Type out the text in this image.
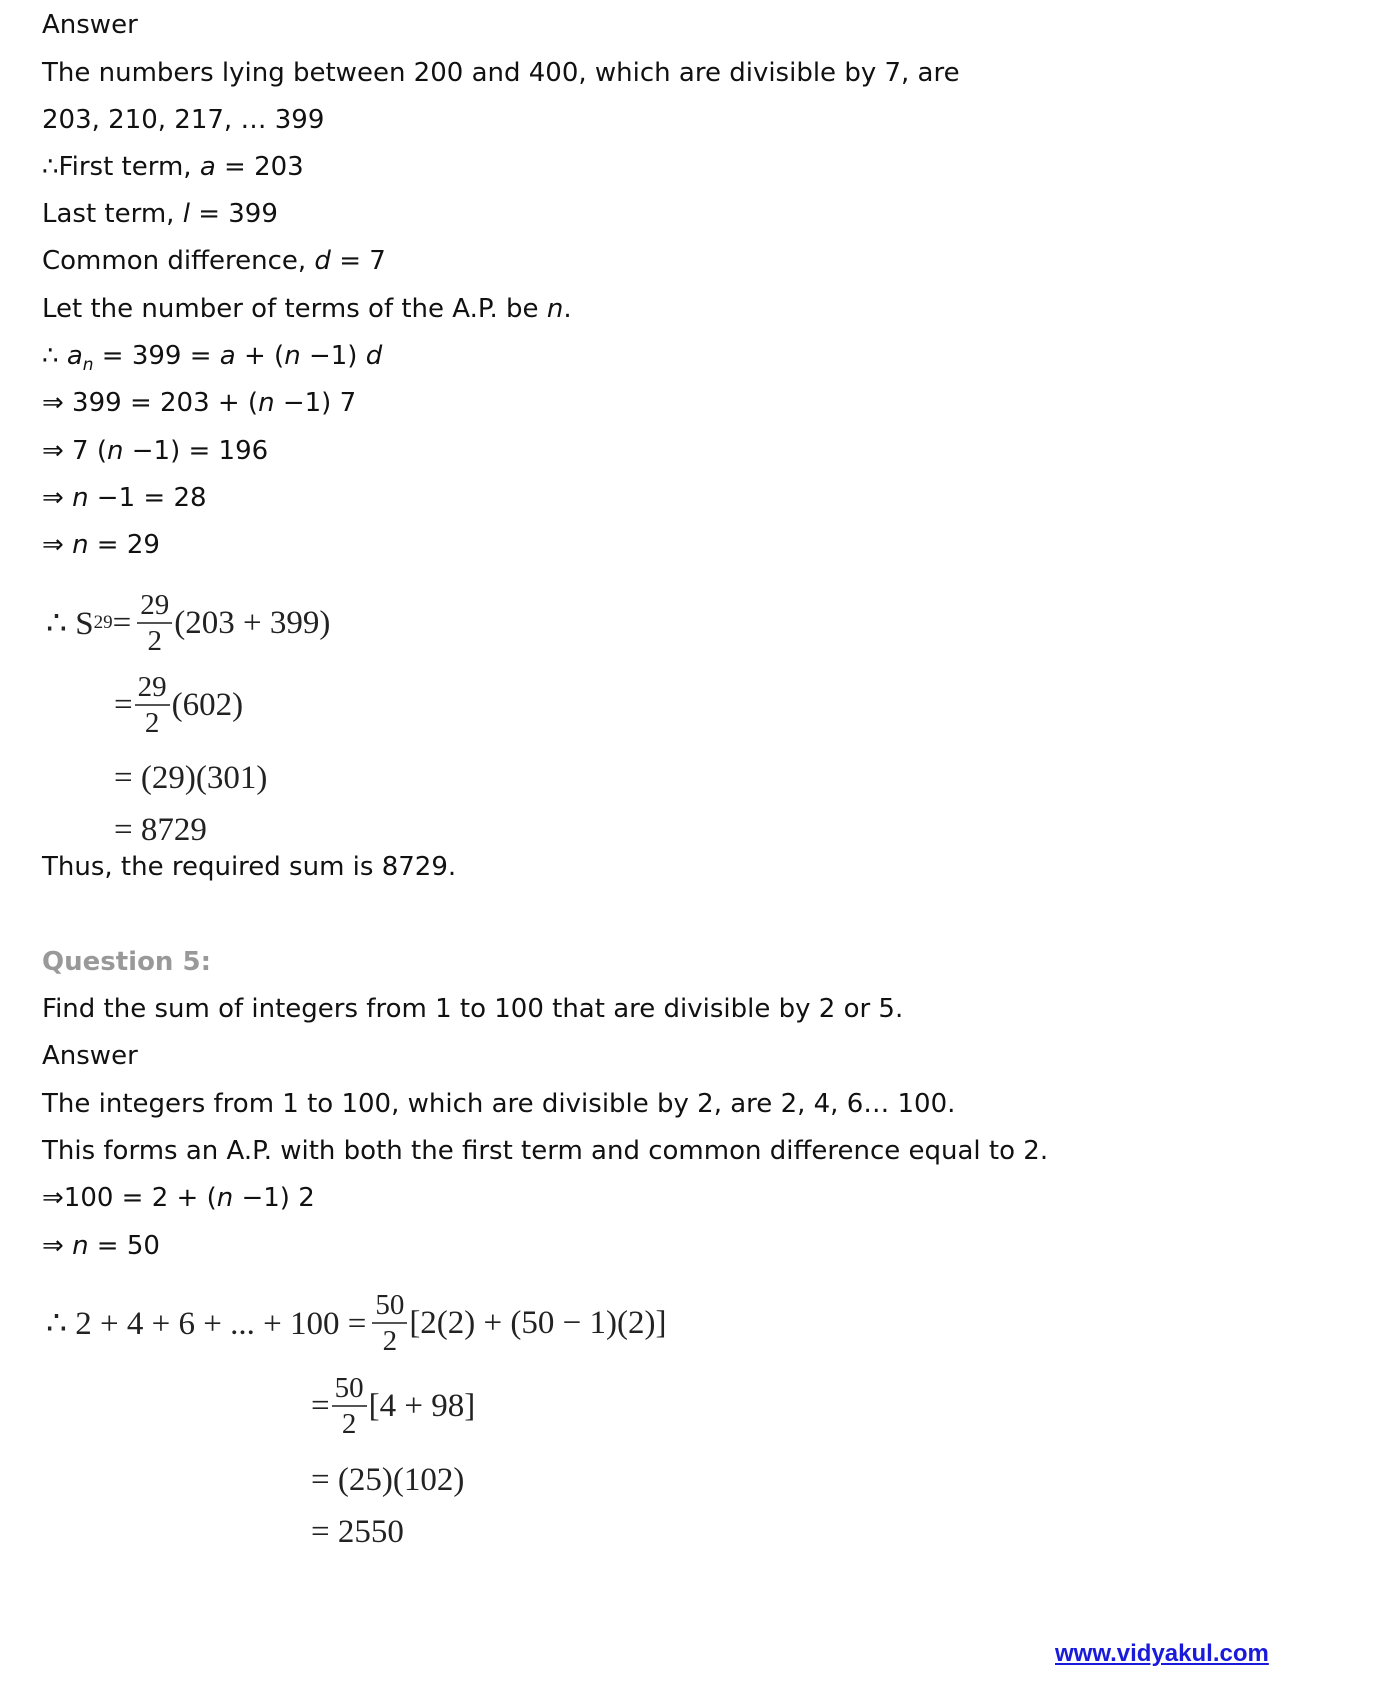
Answer
The numbers lying between 200 and 400, which are divisible by 7, are
203, 210, 217, … 399
∴First term, a = 203
Last term, l = 399
Common difference, d = 7
Let the number of terms of the A.P. be n.
∴ $a_n = 399 = a + (n -1)$ d
⇒ 399 = 203 + (n −1) 7
⇒ 7 (n −1) = 196
⇒ n −1 = 28
⇒ n = 29
∴ S $29 = \frac{29}{2} (203 + 399)$
= $\frac{29}{2} (602)$
= (29)(301)
= 8729
Thus, the required sum is 8729.
Question 5:
Find the sum of integers from 1 to 100 that are divisible by 2 or 5.
Answer
The integers from 1 to 100, which are divisible by 2, are 2, 4, 6… 100.
This forms an A.P. with both the first term and common difference equal to 2.
⇒100 = 2 + (n −1) 2
⇒ n = 50
∴ 2 + 4 + 6 + ... + $100 = \frac{50}{2} [2(2) + (50 - 1)(2)]$
= $\frac{50}{2} [4 + 98]$
= (25)(102)
= 2550
www.vidyakul.com
